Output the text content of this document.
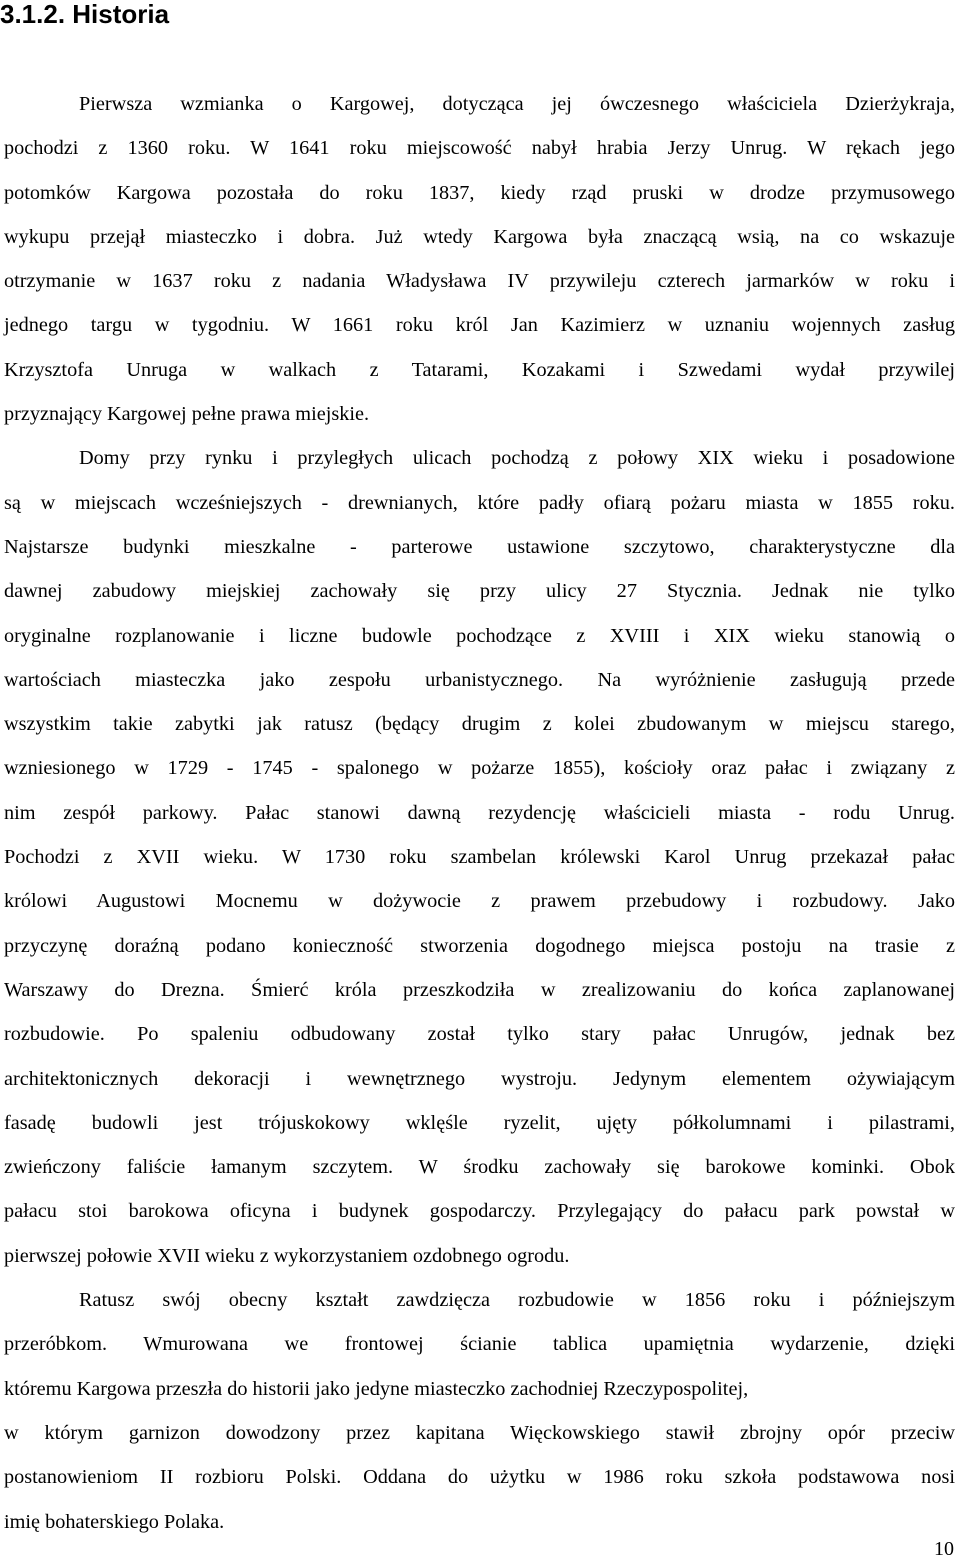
3.1.2. Historia
Pierwsza wzmianka o Kargowej, dotycząca jej ówczesnego właściciela Dzierżykraja,
pochodzi z 1360 roku. W 1641 roku miejscowość nabył hrabia Jerzy Unrug. W rękach jego
potomków Kargowa pozostała do roku 1837, kiedy rząd pruski w drodze przymusowego
wykupu przejął miasteczko i dobra. Już wtedy Kargowa była znaczącą wsią, na co wskazuje
otrzymanie w 1637 roku z nadania Władysława IV przywileju czterech jarmarków w roku i
jednego targu w tygodniu. W 1661 roku król Jan Kazimierz w uznaniu wojennych zasług
Krzysztofa Unruga w walkach z Tatarami, Kozakami i Szwedami wydał przywilej
przyznający Kargowej pełne prawa miejskie.
Domy przy rynku i przyległych ulicach pochodzą z połowy XIX wieku i posadowione
są w miejscach wcześniejszych - drewnianych, które padły ofiarą pożaru miasta w 1855 roku.
Najstarsze budynki mieszkalne - parterowe ustawione szczytowo, charakterystyczne dla
dawnej zabudowy miejskiej zachowały się przy ulicy 27 Stycznia. Jednak nie tylko
oryginalne rozplanowanie i liczne budowle pochodzące z XVIII i XIX wieku stanowią o
wartościach miasteczka jako zespołu urbanistycznego. Na wyróżnienie zasługują przede
wszystkim takie zabytki jak ratusz (będący drugim z kolei zbudowanym w miejscu starego,
wzniesionego w 1729 - 1745 - spalonego w pożarze 1855), kościoły oraz pałac i związany z
nim zespół parkowy. Pałac stanowi dawną rezydencję właścicieli miasta - rodu Unrug.
Pochodzi z XVII wieku. W 1730 roku szambelan królewski Karol Unrug przekazał pałac
królowi Augustowi Mocnemu w dożywocie z prawem przebudowy i rozbudowy. Jako
przyczynę doraźną podano konieczność stworzenia dogodnego miejsca postoju na trasie z
Warszawy do Drezna. Śmierć króla przeszkodziła w zrealizowaniu do końca zaplanowanej
rozbudowie. Po spaleniu odbudowany został tylko stary pałac Unrugów, jednak bez
architektonicznych dekoracji i wewnętrznego wystroju. Jedynym elementem ożywiającym
fasadę budowli jest trójuskokowy wklęśle ryzelit, ujęty półkolumnami i pilastrami,
zwieńczony faliście łamanym szczytem. W środku zachowały się barokowe kominki. Obok
pałacu stoi barokowa oficyna i budynek gospodarczy. Przylegający do pałacu park powstał w
pierwszej połowie XVII wieku z wykorzystaniem ozdobnego ogrodu.
Ratusz swój obecny kształt zawdzięcza rozbudowie w 1856 roku i późniejszym
przeróbkom. Wmurowana we frontowej ścianie tablica upamiętnia wydarzenie, dzięki
któremu Kargowa przeszła do historii jako jedyne miasteczko zachodniej Rzeczypospolitej,
w którym garnizon dowodzony przez kapitana Więckowskiego stawił zbrojny opór przeciw
postanowieniom II rozbioru Polski. Oddana do użytku w 1986 roku szkoła podstawowa nosi
imię bohaterskiego Polaka.
10
